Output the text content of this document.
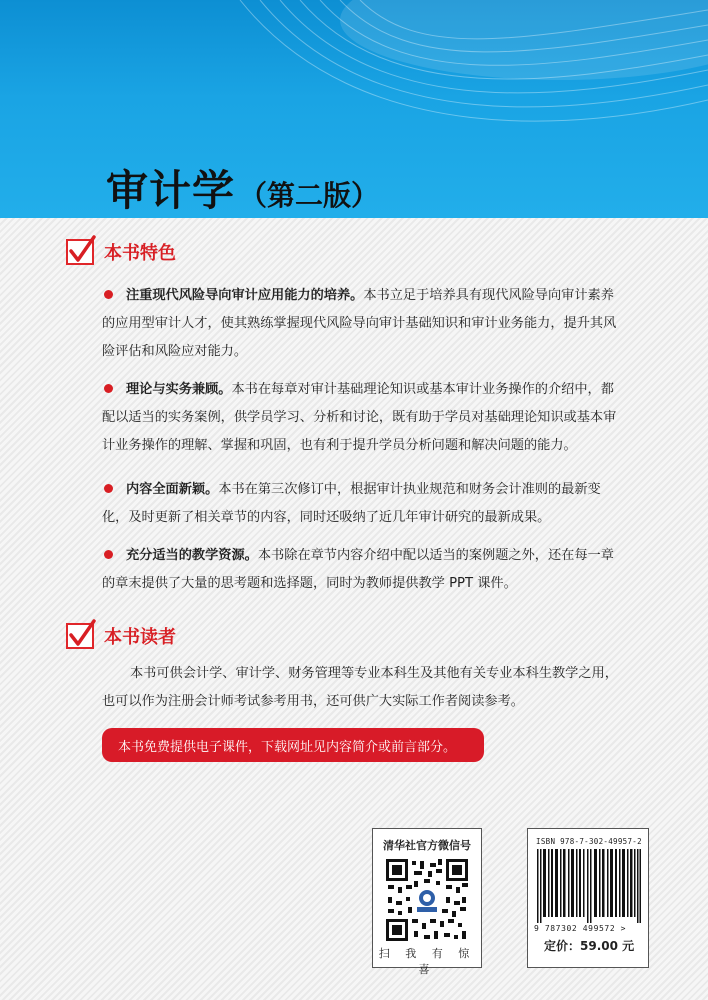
审计学 （第二版）
本书特色
注重现代风险导向审计应用能力的培养。本书立足于培养具有现代风险导向审计素养的应用型审计人才，使其熟练掌握现代风险导向审计基础知识和审计业务能力，提升其风险评估和风险应对能力。
理论与实务兼顾。本书在每章对审计基础理论知识或基本审计业务操作的介绍中，都配以适当的实务案例，供学员学习、分析和讨论，既有助于学员对基础理论知识或基本审计业务操作的理解、掌握和巩固，也有利于提升学员分析问题和解决问题的能力。
内容全面新颖。本书在第三次修订中，根据审计执业规范和财务会计准则的最新变化，及时更新了相关章节的内容，同时还吸纳了近几年审计研究的最新成果。
充分适当的教学资源。本书除在章节内容介绍中配以适当的案例题之外，还在每一章的章末提供了大量的思考题和选择题，同时为教师提供教学 PPT 课件。
本书读者
本书可供会计学、审计学、财务管理等专业本科生及其他有关专业本科生教学之用，也可以作为注册会计师考试参考用书，还可供广大实际工作者阅读参考。
本书免费提供电子课件，下载网址见内容简介或前言部分。
清华社官方微信号
扫 我 有 惊 喜
ISBN 978-7-302-49957-2
9 787302 499572 >
定价：59.00 元
